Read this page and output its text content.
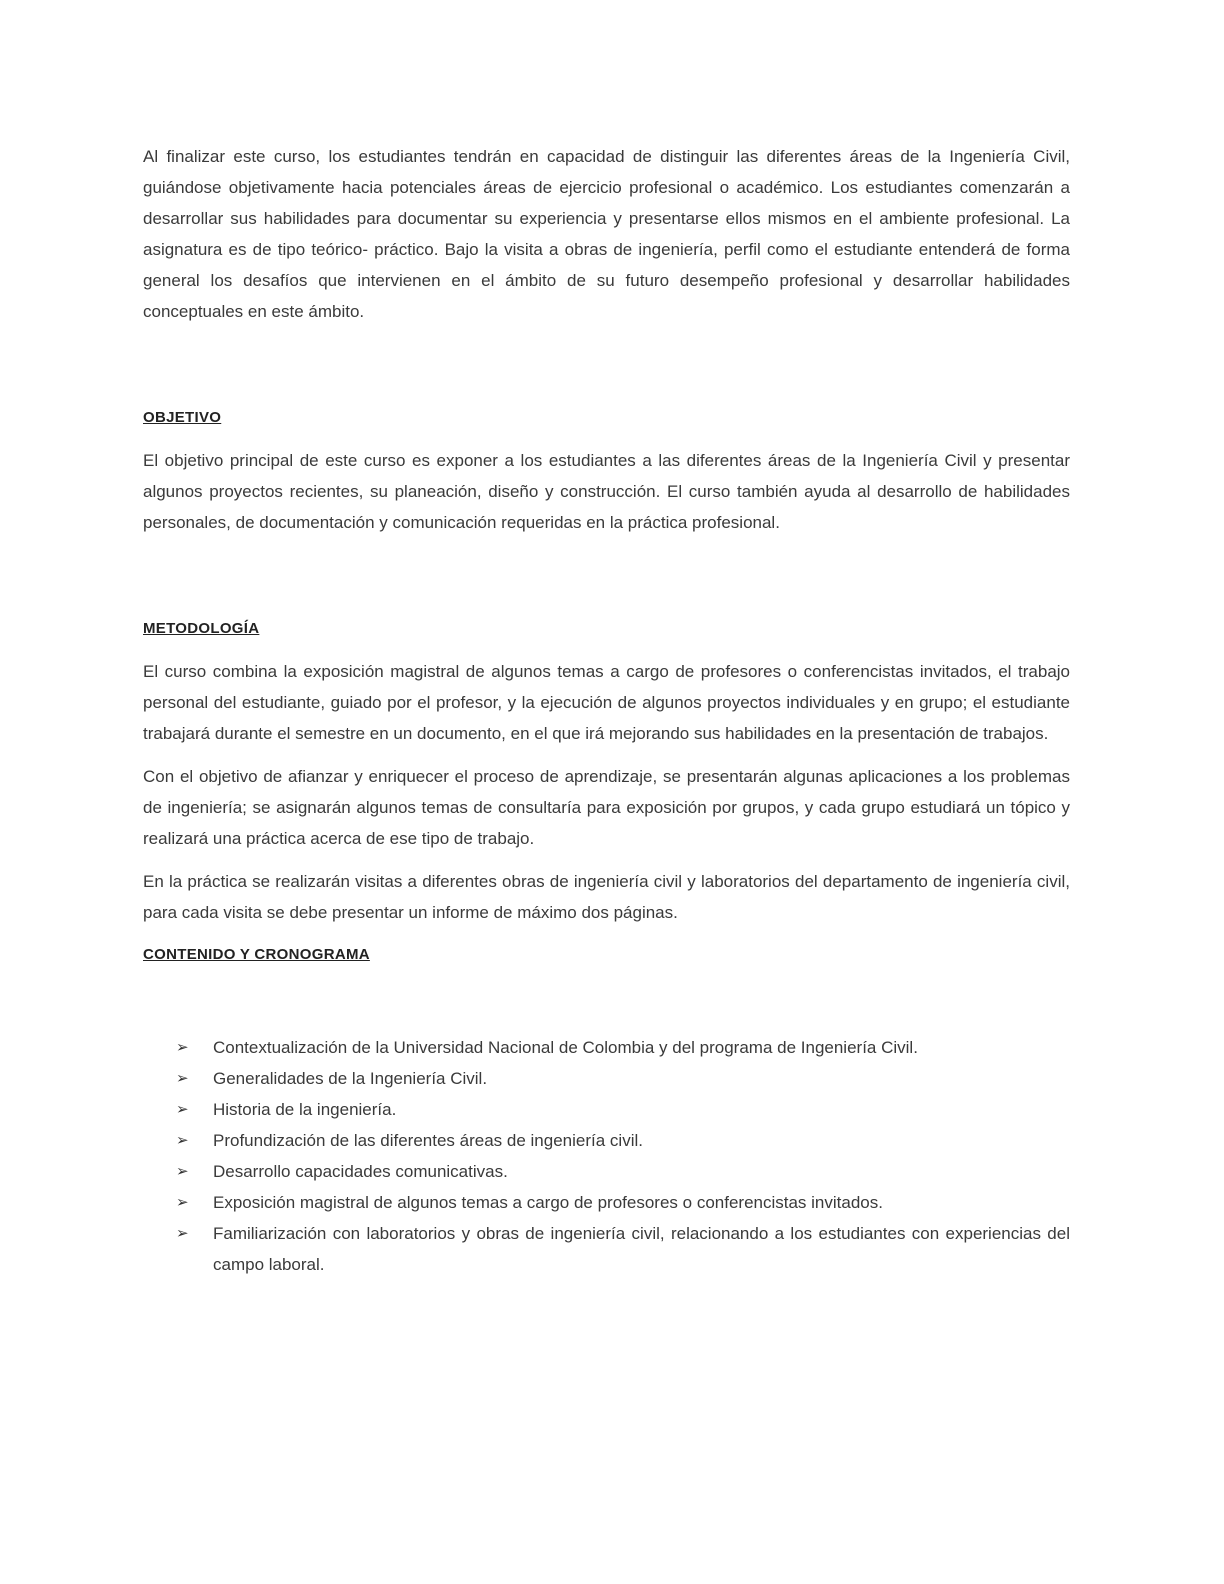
Al finalizar este curso, los estudiantes tendrán en capacidad de distinguir las diferentes áreas de la Ingeniería Civil, guiándose objetivamente hacia potenciales áreas de ejercicio profesional o académico. Los estudiantes comenzarán a desarrollar sus habilidades para documentar su experiencia y presentarse ellos mismos en el ambiente profesional. La asignatura es de tipo teórico- práctico. Bajo la visita a obras de ingeniería, perfil como el estudiante entenderá de forma general los desafíos que intervienen en el ámbito de su futuro desempeño profesional y desarrollar habilidades conceptuales en este ámbito.

OBJETIVO

El objetivo principal de este curso es exponer a los estudiantes a las diferentes áreas de la Ingeniería Civil y presentar algunos proyectos recientes, su planeación, diseño y construcción. El curso también ayuda al desarrollo de habilidades personales, de documentación y comunicación requeridas en la práctica profesional.

METODOLOGÍA

El curso combina la exposición magistral de algunos temas a cargo de profesores o conferencistas invitados, el trabajo personal del estudiante, guiado por el profesor, y la ejecución de algunos proyectos individuales y en grupo; el estudiante trabajará durante el semestre en un documento, en el que irá mejorando sus habilidades en la presentación de trabajos.

Con el objetivo de afianzar y enriquecer el proceso de aprendizaje, se presentarán algunas aplicaciones a los problemas de ingeniería; se asignarán algunos temas de consultaría para exposición por grupos, y cada grupo estudiará un tópico y realizará una práctica acerca de ese tipo de trabajo.

En la práctica se realizarán visitas a diferentes obras de ingeniería civil y laboratorios del departamento de ingeniería civil, para cada visita se debe presentar un informe de máximo dos páginas.

CONTENIDO Y CRONOGRAMA
➢	Contextualización de la Universidad Nacional de Colombia y del programa de Ingeniería Civil.
➢	Generalidades de la Ingeniería Civil.
➢	Historia de la ingeniería.
➢	Profundización de las diferentes áreas de ingeniería civil.
➢	Desarrollo capacidades comunicativas.
➢	Exposición magistral de algunos temas a cargo de profesores o conferencistas invitados.
➢	Familiarización con laboratorios y obras de ingeniería civil, relacionando a los estudiantes con experiencias del campo laboral.
